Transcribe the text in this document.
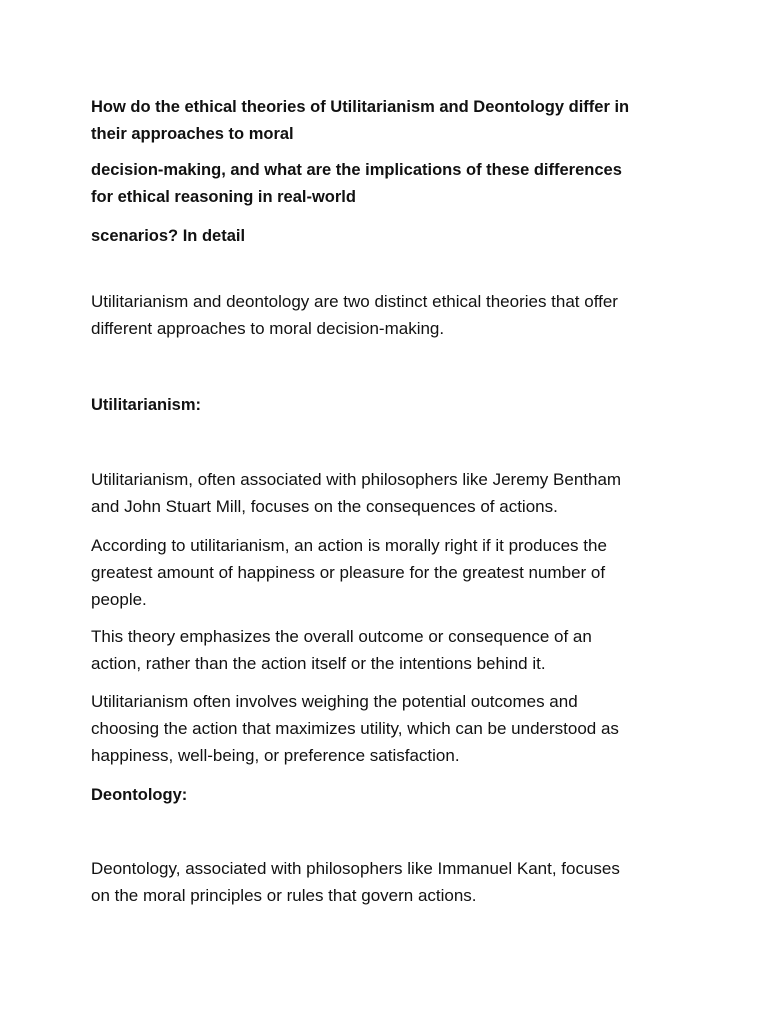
How do the ethical theories of Utilitarianism and Deontology differ in
their approaches to moral

decision-making, and what are the implications of these differences
for ethical reasoning in real-world

scenarios? In detail

Utilitarianism and deontology are two distinct ethical theories that offer
different approaches to moral decision-making.

Utilitarianism:

Utilitarianism, often associated with philosophers like Jeremy Bentham
and John Stuart Mill, focuses on the consequences of actions.

According to utilitarianism, an action is morally right if it produces the
greatest amount of happiness or pleasure for the greatest number of
people.

This theory emphasizes the overall outcome or consequence of an
action, rather than the action itself or the intentions behind it.

Utilitarianism often involves weighing the potential outcomes and
choosing the action that maximizes utility, which can be understood as
happiness, well-being, or preference satisfaction.

Deontology:

Deontology, associated with philosophers like Immanuel Kant, focuses
on the moral principles or rules that govern actions.
